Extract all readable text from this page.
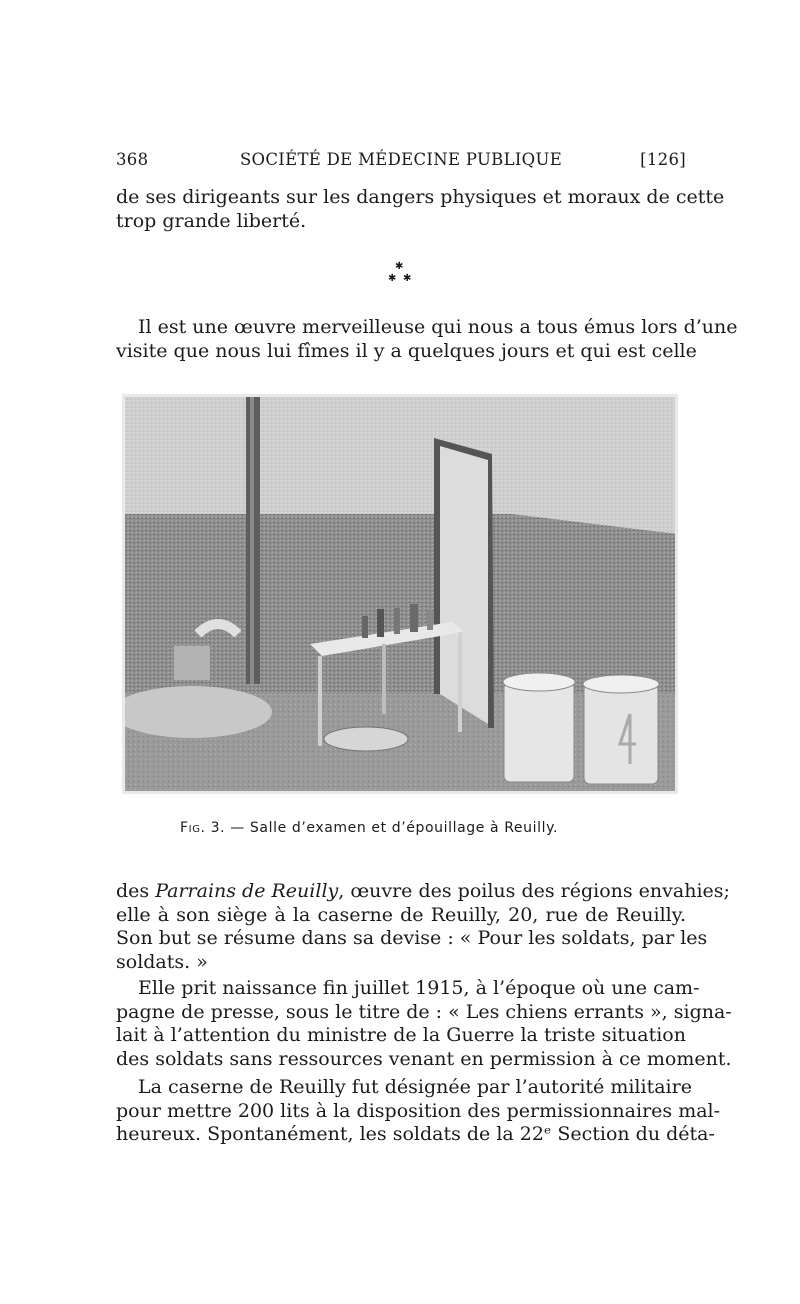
368	SOCIÉTÉ DE MÉDECINE PUBLIQUE	[126]
de ses dirigeants sur les dangers physiques et moraux de cette
trop grande liberté.
✱
✱ ✱
Il est une œuvre merveilleuse qui nous a tous émus lors d’une
visite que nous lui fîmes il y a quelques jours et qui est celle
Fig. 3. — Salle d’examen et d’épouillage à Reuilly.
des Parrains de Reuilly, œuvre des poilus des régions envahies;
elle à son siège à la caserne de Reuilly, 20, rue de Reuilly.
Son but se résume dans sa devise : « Pour les soldats, par les
soldats. »
Elle prit naissance fin juillet 1915, à l’époque où une cam-
pagne de presse, sous le titre de : « Les chiens errants », signa-
lait à l’attention du ministre de la Guerre la triste situation
des soldats sans ressources venant en permission à ce moment.
La caserne de Reuilly fut désignée par l’autorité militaire
pour mettre 200 lits à la disposition des permissionnaires mal-
heureux. Spontanément, les soldats de la 22ᵉ Section du déta-
